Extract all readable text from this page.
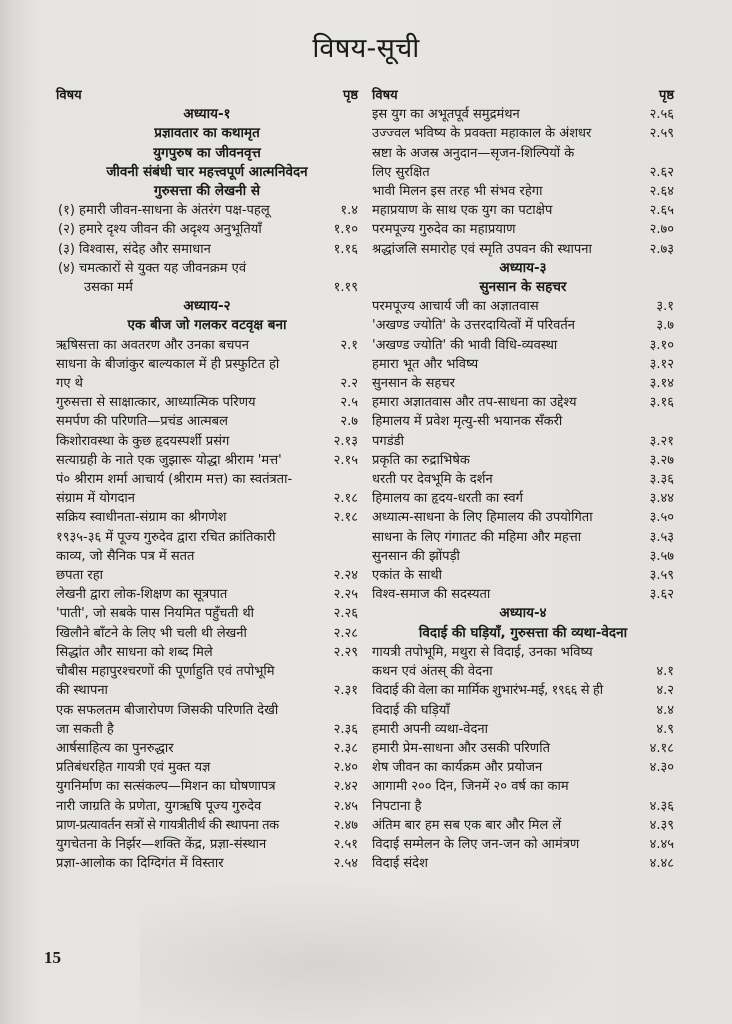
विषय-सूची
विषय	पृष्ठ
अध्याय-१
प्रज्ञावतार का कथामृत
युगपुरुष का जीवनवृत्त
जीवनी संबंधी चार महत्त्वपूर्ण आत्मनिवेदन
गुरुसत्ता की लेखनी से
(१) हमारी जीवन-साधना के अंतरंग पक्ष-पहलू	१.४
(२) हमारे दृश्य जीवन की अदृश्य अनुभूतियाँ	१.१०
(३) विश्वास, संदेह और समाधान	१.१६
(४) चमत्कारों से युक्त यह जीवनक्रम एवं
उसका मर्म	१.१९
अध्याय-२
एक बीज जो गलकर वटवृक्ष बना
ऋषिसत्ता का अवतरण और उनका बचपन	२.१
साधना के बीजांकुर बाल्यकाल में ही प्रस्फुटित हो
गए थे	२.२
गुरुसत्ता से साक्षात्कार, आध्यात्मिक परिणय	२.५
समर्पण की परिणति—प्रचंड आत्मबल	२.७
किशोरावस्था के कुछ हृदयस्पर्शी प्रसंग	२.१३
सत्याग्रही के नाते एक जुझारू योद्धा श्रीराम 'मत्त'	२.१५
पं० श्रीराम शर्मा आचार्य (श्रीराम मत्त) का स्वतंत्रता-
संग्राम में योगदान	२.१८
सक्रिय स्वाधीनता-संग्राम का श्रीगणेश	२.१८
१९३५-३६ में पूज्य गुरुदेव द्वारा रचित क्रांतिकारी
काव्य, जो सैनिक पत्र में सतत
छपता रहा	२.२४
लेखनी द्वारा लोक-शिक्षण का सूत्रपात	२.२५
'पाती', जो सबके पास नियमित पहुँचती थी	२.२६
खिलौने बाँटने के लिए भी चली थी लेखनी	२.२८
सिद्धांत और साधना को शब्द मिले	२.२९
चौबीस महापुरश्चरणों की पूर्णाहुति एवं तपोभूमि
की स्थापना	२.३१
एक सफलतम बीजारोपण जिसकी परिणति देखी
जा सकती है	२.३६
आर्षसाहित्य का पुनरुद्धार	२.३८
प्रतिबंधरहित गायत्री एवं मुक्त यज्ञ	२.४०
युगनिर्माण का सत्संकल्प—मिशन का घोषणापत्र	२.४२
नारी जाग्रति के प्रणेता, युगऋषि पूज्य गुरुदेव	२.४५
प्राण-प्रत्यावर्तन सत्रों से गायत्रीतीर्थ की स्थापना तक	२.४७
युगचेतना के निर्झर—शक्ति केंद्र, प्रज्ञा-संस्थान	२.५१
प्रज्ञा-आलोक का दिग्दिगंत में विस्तार	२.५४
विषय	पृष्ठ
इस युग का अभूतपूर्व समुद्रमंथन	२.५६
उज्ज्वल भविष्य के प्रवक्ता महाकाल के अंशधर	२.५९
स्रष्टा के अजस्र अनुदान—सृजन-शिल्पियों के
लिए सुरक्षित	२.६२
भावी मिलन इस तरह भी संभव रहेगा	२.६४
महाप्रयाण के साथ एक युग का पटाक्षेप	२.६५
परमपूज्य गुरुदेव का महाप्रयाण	२.७०
श्रद्धांजलि समारोह एवं स्मृति उपवन की स्थापना	२.७३
अध्याय-३
सुनसान के सहचर
परमपूज्य आचार्य जी का अज्ञातवास	३.१
'अखण्ड ज्योति' के उत्तरदायित्वों में परिवर्तन	३.७
'अखण्ड ज्योति' की भावी विधि-व्यवस्था	३.१०
हमारा भूत और भविष्य	३.१२
सुनसान के सहचर	३.१४
हमारा अज्ञातवास और तप-साधना का उद्देश्य	३.१६
हिमालय में प्रवेश मृत्यु-सी भयानक सँकरी
पगडंडी	३.२१
प्रकृति का रुद्राभिषेक	३.२७
धरती पर देवभूमि के दर्शन	३.३६
हिमालय का हृदय-धरती का स्वर्ग	३.४४
अध्यात्म-साधना के लिए हिमालय की उपयोगिता	३.५०
साधना के लिए गंगातट की महिमा और महत्ता	३.५३
सुनसान की झोंपड़ी	३.५७
एकांत के साथी	३.५९
विश्व-समाज की सदस्यता	३.६२
अध्याय-४
विदाई की घड़ियाँ, गुरुसत्ता की व्यथा-वेदना
गायत्री तपोभूमि, मथुरा से विदाई, उनका भविष्य
कथन एवं अंतस् की वेदना	४.१
विदाई की वेला का मार्मिक शुभारंभ-मई, १९६६ से ही	४.२
विदाई की घड़ियाँ	४.४
हमारी अपनी व्यथा-वेदना	४.९
हमारी प्रेम-साधना और उसकी परिणति	४.१८
शेष जीवन का कार्यक्रम और प्रयोजन	४.३०
आगामी २०० दिन, जिनमें २० वर्ष का काम
निपटाना है	४.३६
अंतिम बार हम सब एक बार और मिल लें	४.३९
विदाई सम्मेलन के लिए जन-जन को आमंत्रण	४.४५
विदाई संदेश	४.४८
15
